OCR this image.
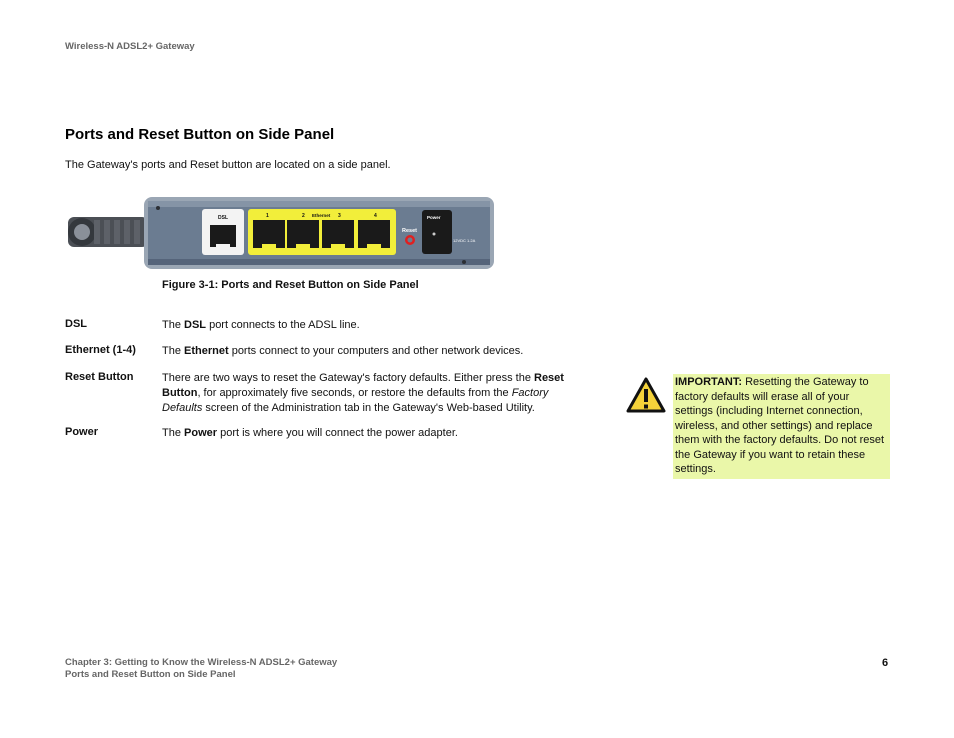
Wireless-N ADSL2+ Gateway
Ports and Reset Button on Side Panel
The Gateway's ports and Reset button are located on a side panel.
DSL	1	2 Ethernet 3	4
Reset
Power
12VDC 1.2A
Figure 3-1: Ports and Reset Button on Side Panel
DSL	The DSL port connects to the ADSL line.
Ethernet (1-4) The Ethernet ports connect to your computers and other network devices.
Reset Button	There are two ways to reset the Gateway's factory defaults. Either press the Reset Button, for approximately five seconds, or restore the defaults from the Factory Defaults screen of the Administration tab in the Gateway's Web-based Utility.
Power	The Power port is where you will connect the power adapter.
IMPORTANT: Resetting the Gateway to factory defaults will erase all of your settings (including Internet connection, wireless, and other settings) and replace them with the factory defaults. Do not reset the Gateway if you want to retain these settings.
Chapter 3: Getting to Know the Wireless-N ADSL2+ Gateway
Ports and Reset Button on Side Panel
6
